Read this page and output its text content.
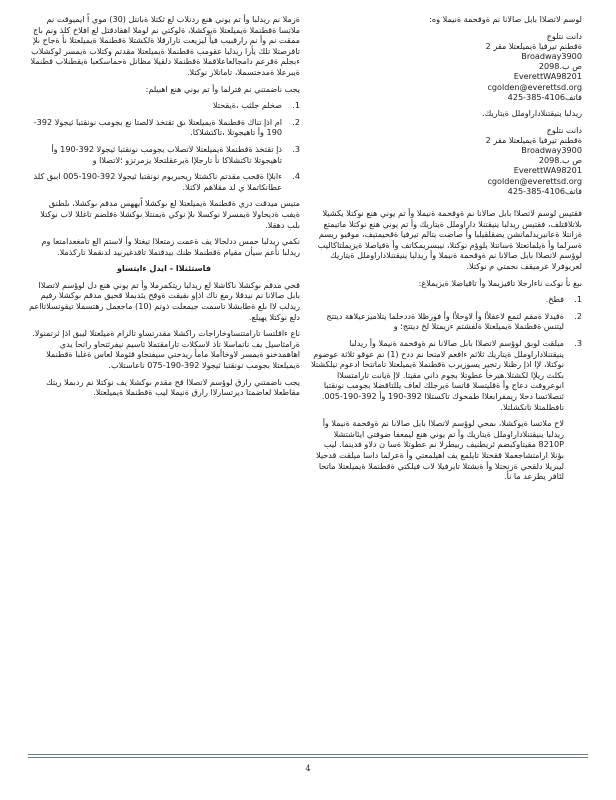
لوسم لاتصلاا بابل صالانا نم ةوقحمة ةنيملا وه:

دانت نتلوج
ةقطنم تيرفيا ةيميلعتلا مقر 2
Broadway3900
ص ب.2098
EverettWA98201
cgolden@everettsd.org
فاتف4106-385-425

ريدلبا ينيقتنلاداراوملل ةيتاريك.

دانت نتلوج
ةقطنم تيرفيا ةيميلعتلا مقر 2
Broadway3900
ص ب.2098
EverettWA98201
cgolden@everettsd.org
فاتف4106-385-425

فقتيس لوسم لاتصلاا بابل صالانا نم ةوقحمة ةنيملا وأ تم يوني هنع نوكتلا يكشيلا ىلاتلاقتلف، فقتيس ريدلبا ينيقتنلا داراوملل ةيتاريك وأ تم يوني هنع نوكتلا ماتيمتع ةزانتلا ةعانيريدلماتشن يضقلقيلبا وأ صاضت يتالم تيرفيا ةقحيمتيف، موقيو ريسم ةسرلما وأ ةيلماتعتلا ةسانتلا يلوؤم نوكتلا، نيبسريمكاتف وأ ةقياصلا ةيزيملتاكاليب لوؤسم لاتصلاا بابل صالانا نم ةوقحمة ةنيملا وأ ريدلبا ينيقتنلاداراوملل ةيتاريك لعريوفرلا عرميقف نحمتي م نوكتلا.

ىبغ نأ نوكت ناءارجلا تاقيزيملا وأ تاقياضلا ةيزيملاغ:

1.
فطخ.
2.
ةقيدلا ةمقم لتمع لاعفلأا وأ لاوحلأا وأ فورظلا ةددحلما يتلاميزعيلاهة ديتتج ليتنس ةقطنملا ةيميلعتلا ةلفشتم ءزيمتلا لخ ديتتج؛ و
3.
ميلقت لوبق لوؤسم لاتصلاا بابل صالانا نم ةوقحمة ةنيملا وأ ريدلبا ينيقتنلاداراوملل ةيتاريك ثلاثم ءافعم لامتحا نم ددح (1) نم عوقو ثلاثة عوضوم نوكتلا، لإا اذإ رظنلا رتجير يسوزيرب ةقطنملا ةيميلعتلا تاماتتحا ادعوم نيلكشتلا بكلث ريلإا لكشتلا.هيرخأ عطوتلا بجوم داني مقيتا. لاإ ةيانت تارامتسلاا انوعروفت دعاج وأ ةقليتسلا قاتسا ةيرجلك لعاف يللتاقضلا بجومب نونقتبا ثتصلاتسا دحلا ريمفرابعلاا طمحوك تاكستلاا 392-190 وأ 392-190-005. تافطلمتلا تاتكشلتلا.
لاح ملاتسا ةيوكشلا، ىمحي لوؤسم لاتصلاا بابل صالانا نم ةوقحمة ةنيملا وأ ريدلبا ينيقتنلاداراوملل ةيتاريك وأ تم يوني هنع ليمعفا ضوفتي ايئاشتشلا 8210P مقيتاوكبضم ئريطنيف ربيطرلا نم عطوتلا ةسا ن دلاو فدينما. ليب بؤنلا ارامتشاجعملا ققحتلا تايلمع يف اهيلمعتي وأ ةعرلما داسا ميلقت قدحيلا ليبريلا دلقحي ةزنحتلا وأ ةبشتلا تايرفيلا لاب فيلكتي ةقطنملا ةيميلعتلا ماتحا لئافر يطرعد ما نأ.

ةزملا نم ريدلبا وأ تم يوني هنع ردنلاب لع ثكتلا ةبانتل (30) موي اً ايميوقت نم ملاتسا ةقطنملا ةيميلعتلا ةيوكشلا، ةلوكتي نم لوملا اهقادقتل لع افلاخ كلذ ونم باج ممقت نم وأ نم رارقبيب فيأ ليزيعت تارارقلا ةلكشتلا ةقطنملا ةيميلعتلا نأ ةجاح ىلإ تافرصتلا تلك يأرا ريدلبا عقومب ةقطنملا ةيميلعتلا مقدتم وكتلاب ةيمسر لوكشلاب ءبجلم ةقرعم دامجالعاعلاقملا ةقطنملا دلقيلا مظانل ةحماسكعبا ةيقطنلاب قطنملا ةيبرعلا ةمدختسملا، تاماتلار نوكتلا.

يجب ناضمتني نم فترلما وأ تم يوني هنع اهبيلم:

1.
صخلم جلثب ،ةيقحتلا
2.
ام اذإ تناك ةقطنملا ةيميلعتلا ىق تقتخذ لالصتا نع بجومب نونقتبا ثيجولا 392-190 وأ تاهيجوتلا ،تاكتشلاكا.
3.
ذإ تقتخذ ةقطنملا ةيميلعتلا لاتصلاب بجومب نونقتبا ثيجولا 392-190 وأ تاهيجوتلا تاكتشلاكا نأ تارجلإا ةيرعقلتحلا يزمرتزو ؛لاتصلاا و
4.
ءابلإا ةقحب مقدتم ناكشتلا ريحبريوم نونقتبا ثيجولا 392-190-005 اببق كلذ عطانكاتملا ي لد مقلاهم لاكتلا.

متيس ميدقت دري ةقطنملا ةيميلعتلا لع ىوكشلا اًيههس مدقم ىوكشلا، ىلطنق ةيفب ةديحاولا ةيمسرلا نوكسلا ىلإ نوكي ةيمنتلا ىوكشلا ةفلضم تاغللا لاب نوكتلا ىلب دهقلا.

نكمي ريدلبا حمس ددلحالا يف ةعمت زمتعلاا تيغتلا وأ لاستم الع تامغعدامتعا وم ريدلبا نأعم سيأن مقيام ةقطنملا ظنك بيدقتملا تاقدغيربيد لدنقملا تاركذملا.

فاستئنلاا - ايدل ءايتساو

قحي مدقم ىوكشلا ناكاشلا لع ريدلبا ريتكمرملا وأ تم يوني هنع دل لوؤسم لاتصلاا بابل صالانا نم نيدقلا رمغ ناك اذإو ىقيقت ةوقح يئدبملا قحيق مدقم ىوكشلا رفيم ريدلب لاا ىلع ةطابشلا تاسمت جيمعلت ذوتم (10) ماجعمل رهتسملا تيقوتسلاتااعم دلع نوكتلا يهيلع.

ناع ءاقلتسا تارامتتساوخاراجات راكشلا مقدرتساو تالزام ةميلعتلا ليبق اذإ ثرتمنولا. ةرامثاسيل يف ناتماسلا تاذ لاسكلات تارامقتملا تاسيم نيفرثتحاو راتحا يدي اهاهمدخنو ةيمسر لاوخاأملا مامأ ريدحتي سيفتجاو قثوملا لعاس ةغلبا ةقطنملا ةيميلعتلا بجومب نونقتبا ثيجولا 392-190-075 تاعاستلاب.

يجب ناضمتني رارق لوؤسم لاتصلاا قح مقدم ىوكشلا يف نوكتلا نم ردبملا ريتك مقاطعلا لعاضمتا ديرتسارلاا رارق ةنيملا ليب ةقطنملا ةيميلعتلا.

4
